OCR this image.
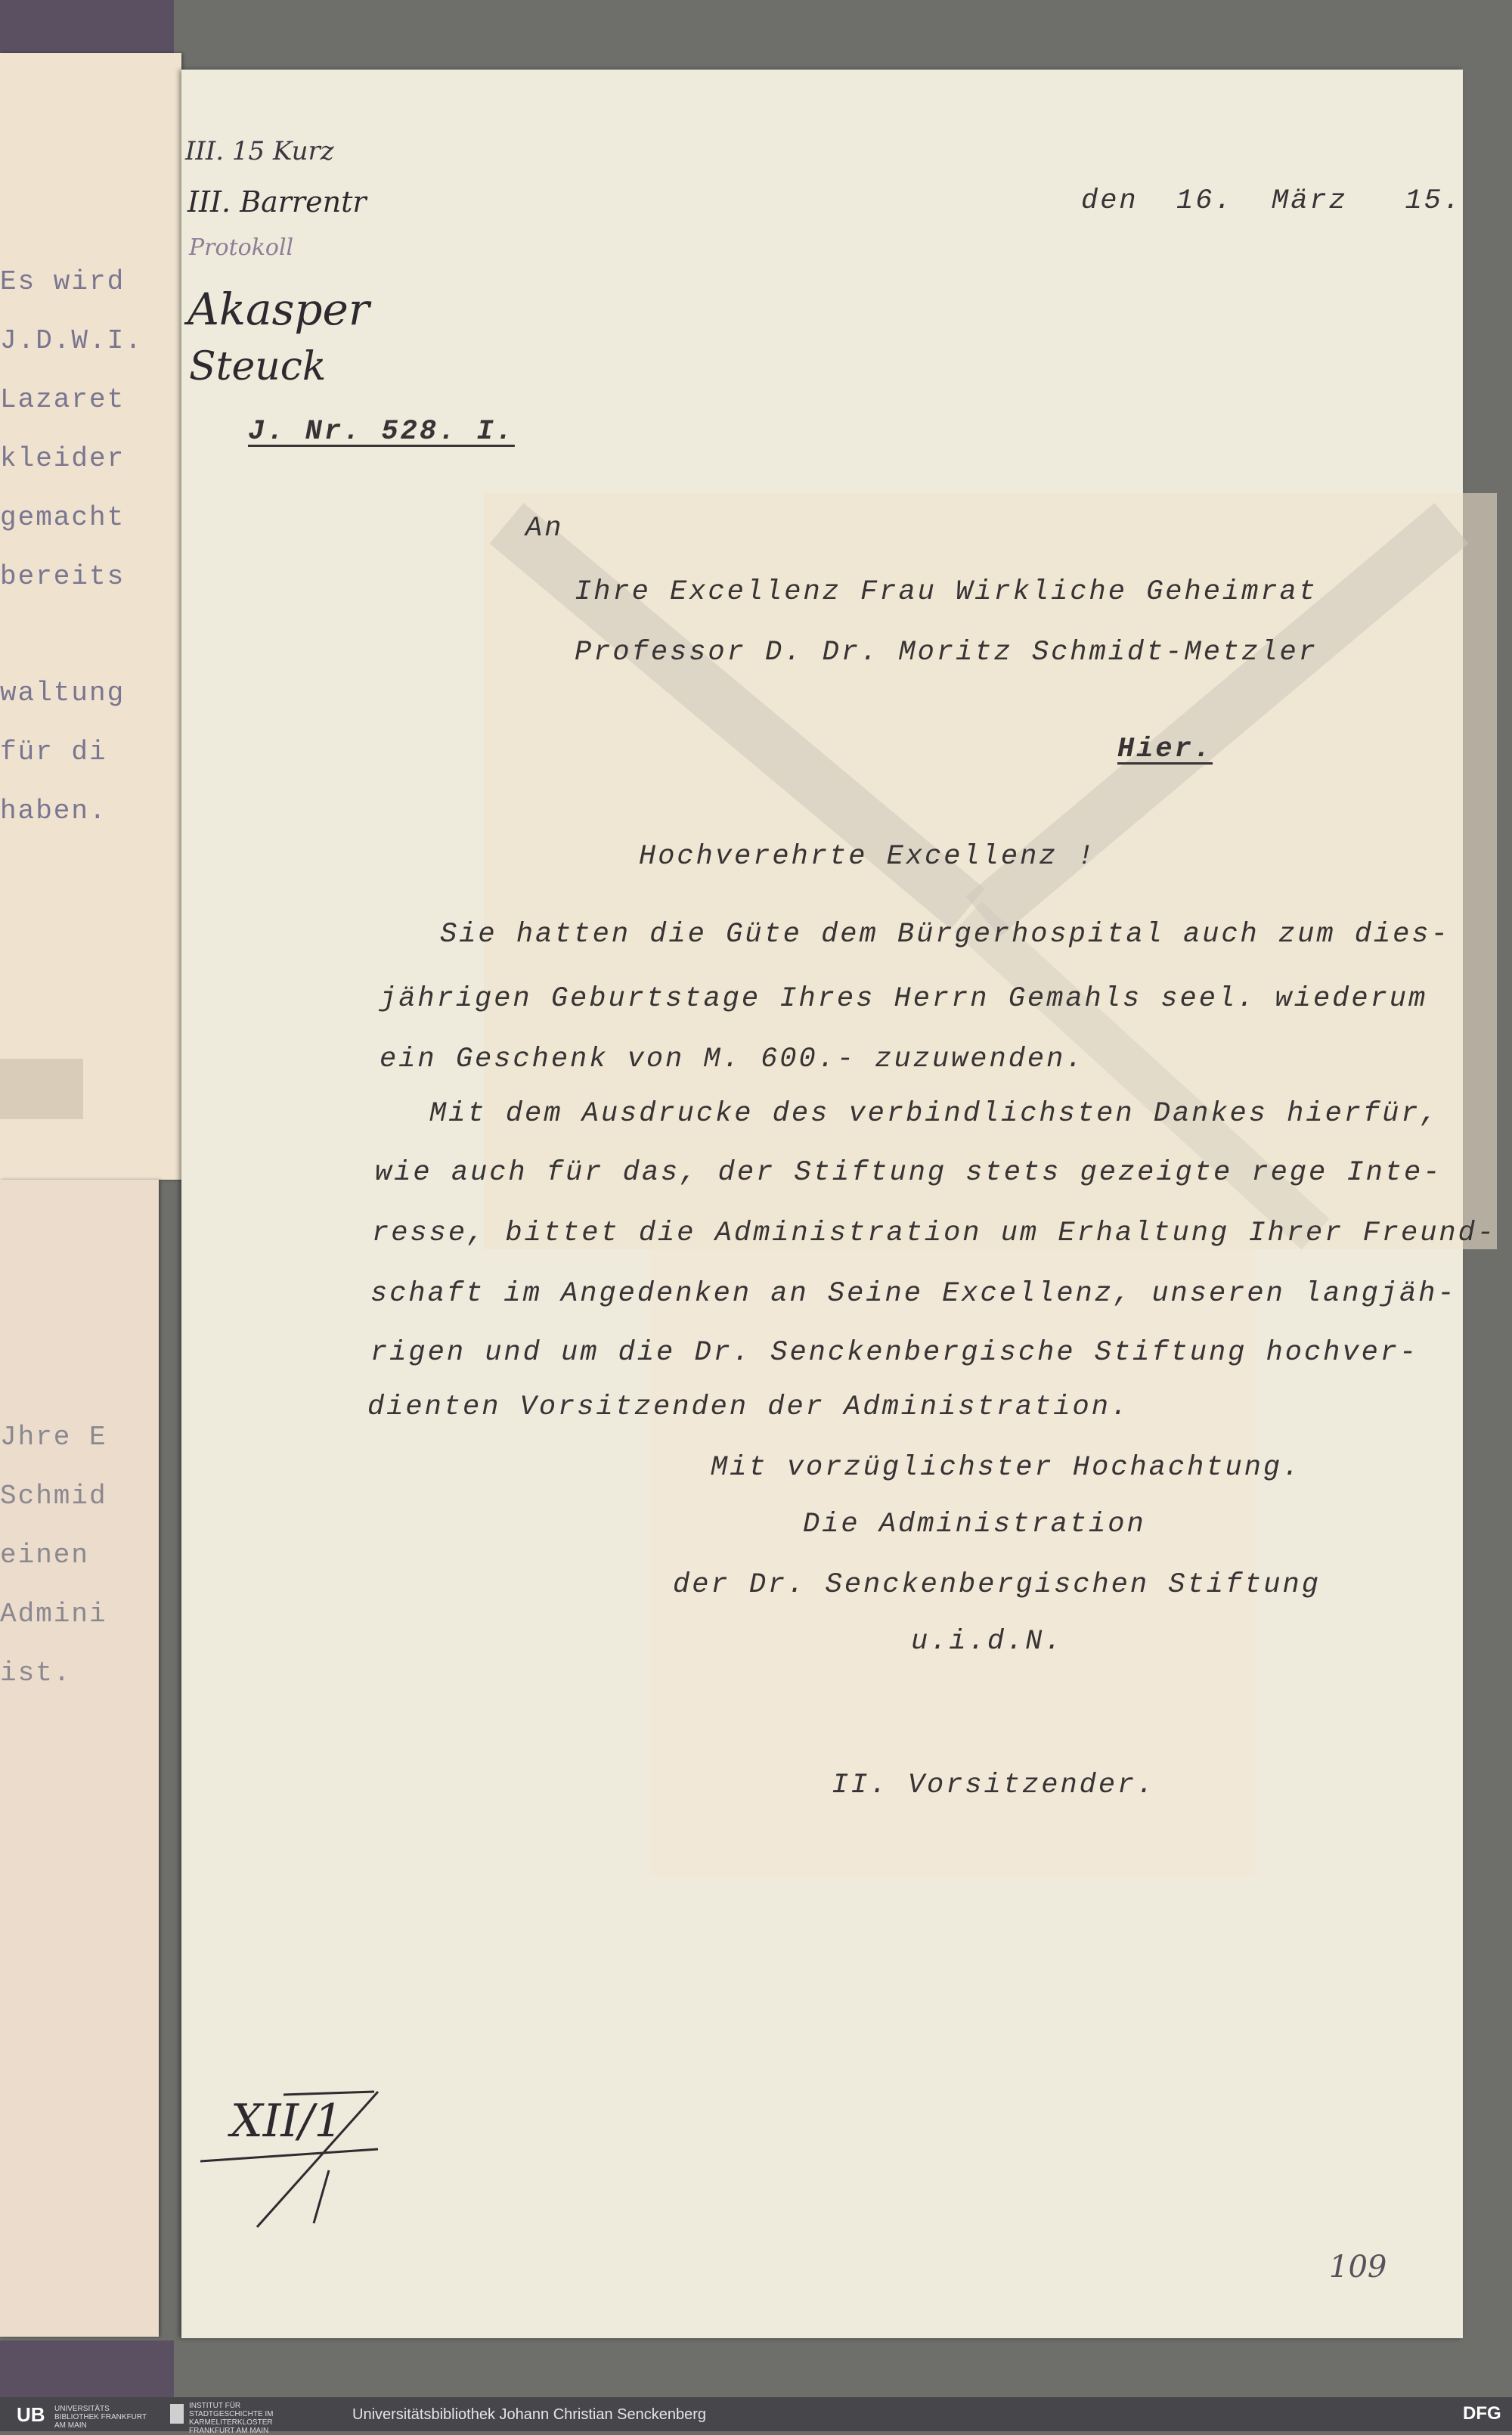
Es wird
J.D.W.I.
Lazaret
kleider
gemacht
bereits
waltung
für di
haben.
Jhre E
Schmid
einen
Admini
ist.
III. 15 Kurz
III. Barrentr
Protokoll
Akasper
Steuck
den  16.  März   15.
J. Nr. 528. I.
An
Ihre Excellenz Frau Wirkliche Geheimrat
Professor D. Dr. Moritz Schmidt-Metzler
Hier.
Hochverehrte Excellenz !
Sie hatten die Güte dem Bürgerhospital auch zum dies-
jährigen Geburtstage Ihres Herrn Gemahls seel. wiederum
ein Geschenk von M. 600.- zuzuwenden.
Mit dem Ausdrucke des verbindlichsten Dankes hierfür,
wie auch für das, der Stiftung stets gezeigte rege Inte-
resse, bittet die Administration um Erhaltung Ihrer Freund-
schaft im Angedenken an Seine Excellenz, unseren langjäh-
rigen und um die Dr. Senckenbergische Stiftung hochver-
dienten Vorsitzenden der Administration.
Mit vorzüglichster Hochachtung.
Die Administration
der Dr. Senckenbergischen Stiftung
u.i.d.N.
II. Vorsitzender.
XII/1
109
UB UNIVERSITÄTS BIBLIOTHEK FRANKFURT AM MAIN
INSTITUT FÜR STADTGESCHICHTE IM KARMELITERKLOSTER FRANKFURT AM MAIN
Universitätsbibliothek Johann Christian Senckenberg	DFG
